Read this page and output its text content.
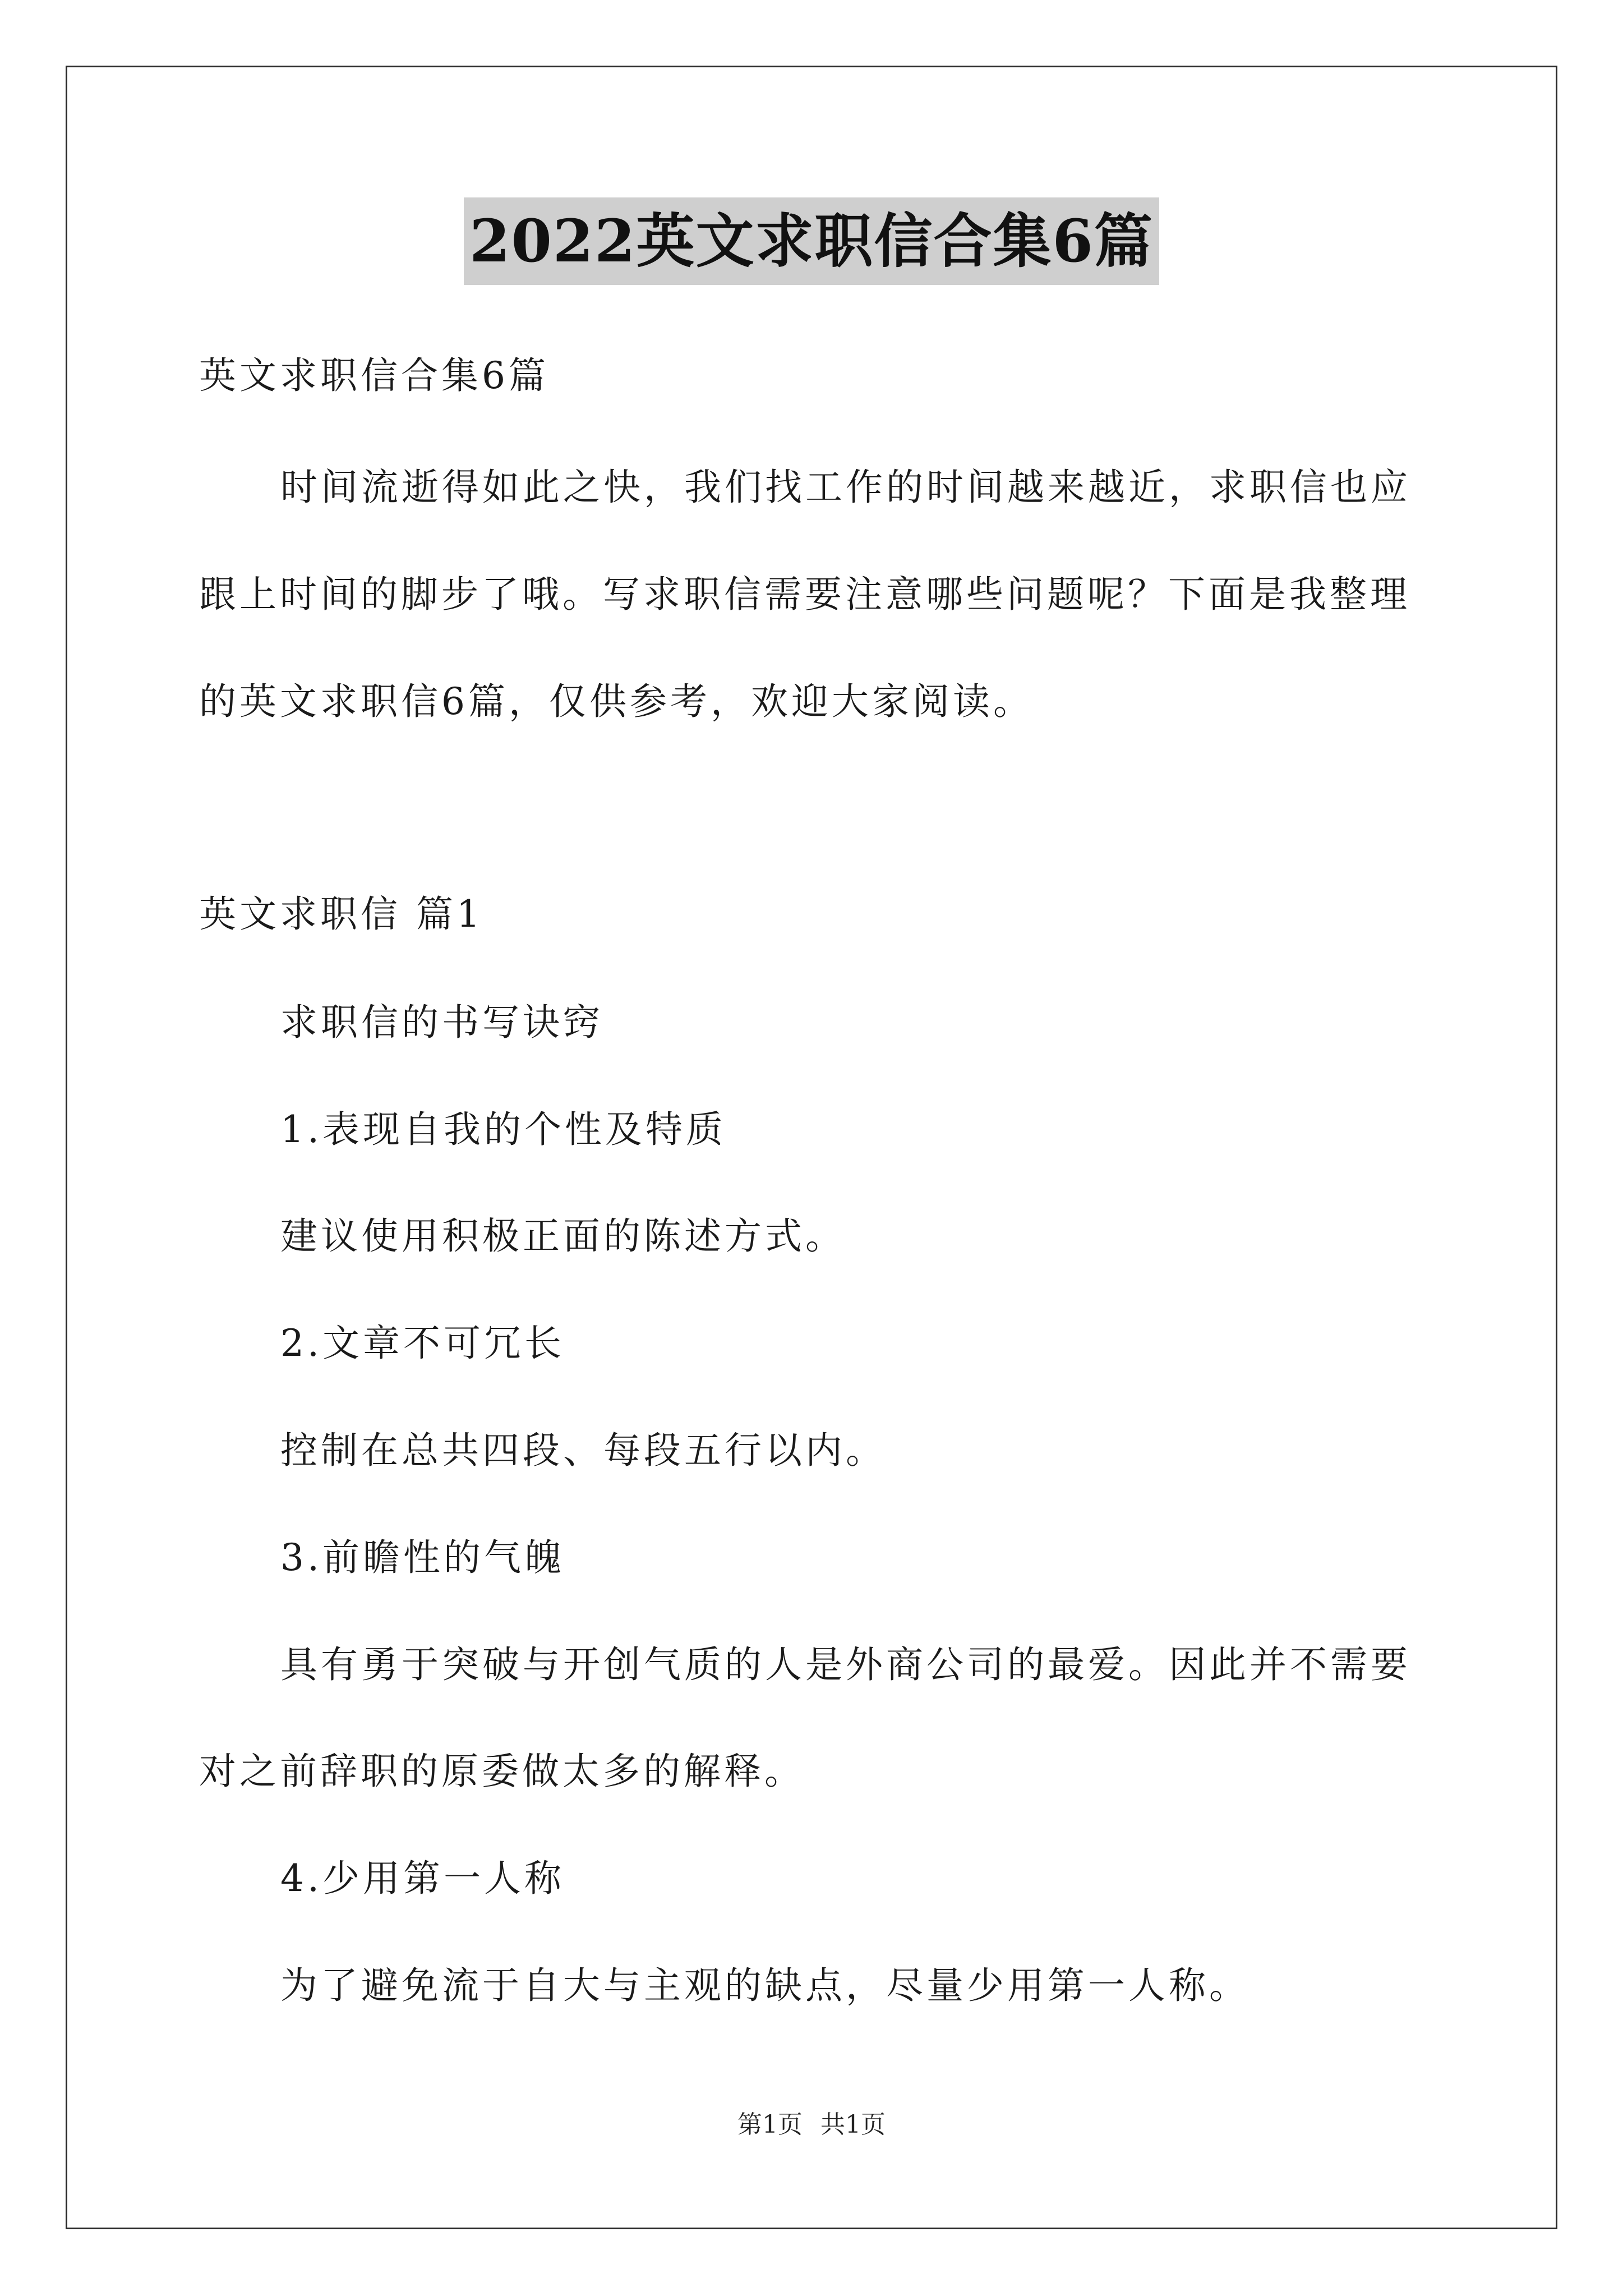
2022英文求职信合集6篇
英文求职信合集6篇
时间流逝得如此之快，我们找工作的时间越来越近，求职信也应
跟上时间的脚步了哦。写求职信需要注意哪些问题呢？下面是我整理
的英文求职信6篇，仅供参考，欢迎大家阅读。
英文求职信 篇1
求职信的书写诀窍
1.表现自我的个性及特质
建议使用积极正面的陈述方式。
2.文章不可冗长
控制在总共四段、每段五行以内。
3.前瞻性的气魄
具有勇于突破与开创气质的人是外商公司的最爱。因此并不需要
对之前辞职的原委做太多的解释。
4.少用第一人称
为了避免流于自大与主观的缺点，尽量少用第一人称。
第1页 共1页
